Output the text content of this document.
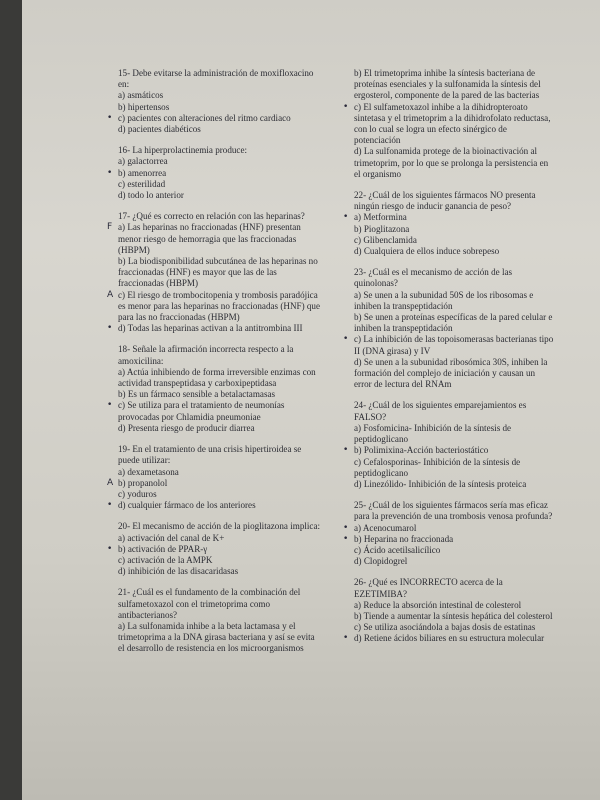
15- Debe evitarse la administración de moxifloxacino en:
a) asmáticos
b) hipertensos
• c) pacientes con alteraciones del ritmo cardiaco
d) pacientes diabéticos
16- La hiperprolactinemia produce:
a) galactorrea
• b) amenorrea
c) esterilidad
d) todo lo anterior
17- ¿Qué es correcto en relación con las heparinas?
F a) Las heparinas no fraccionadas (HNF) presentan menor riesgo de hemorragia que las fraccionadas (HBPM)
b) La biodisponibilidad subcutánea de las heparinas no fraccionadas (HNF) es mayor que las de las fraccionadas (HBPM)
A c) El riesgo de trombocitopenia y trombosis paradójica es menor para las heparinas no fraccionadas (HNF) que para las no fraccionadas (HBPM)
• d) Todas las heparinas activan a la antitrombina III
18- Señale la afirmación incorrecta respecto a la amoxicilina:
a) Actúa inhibiendo de forma irreversible enzimas con actividad transpeptidasa y carboxipeptidasa
b) Es un fármaco sensible a betalactamasas
• c) Se utiliza para el tratamiento de neumonías provocadas por Chlamidia pneumoniae
d) Presenta riesgo de producir diarrea
19- En el tratamiento de una crisis hipertiroidea se puede utilizar:
a) dexametasona
A b) propanolol
c) yoduros
• d) cualquier fármaco de los anteriores
20- El mecanismo de acción de la pioglitazona implica:
a) activación del canal de K+
• b) activación de PPAR-γ
c) activación de la AMPK
d) inhibición de las disacaridasas
21- ¿Cuál es el fundamento de la combinación del sulfametoxazol con el trimetoprima como antibacterianos?
a) La sulfonamida inhibe a la beta lactamasa y el trimetoprima a la DNA girasa bacteriana y así se evita el desarrollo de resistencia en los microorganismos
b) El trimetoprima inhibe la síntesis bacteriana de proteínas esenciales y la sulfonamida la síntesis del ergosterol, componente de la pared de las bacterias
• c) El sulfametoxazol inhibe a la dihidropteroato sintetasa y el trimetoprim a la dihidrofolato reductasa, con lo cual se logra un efecto sinérgico de potenciación
d) La sulfonamida protege de la bioinactivación al trimetoprim, por lo que se prolonga la persistencia en el organismo
22- ¿Cuál de los siguientes fármacos NO presenta ningún riesgo de inducir ganancia de peso?
• a) Metformina
b) Pioglitazona
c) Glibenclamida
d) Cualquiera de ellos induce sobrepeso
23- ¿Cuál es el mecanismo de acción de las quinolonas?
a) Se unen a la subunidad 50S de los ribosomas e inhiben la transpeptidación
b) Se unen a proteínas específicas de la pared celular e inhiben la transpeptidación
• c) La inhibición de las topoisomerasas bacterianas tipo II (DNA girasa) y IV
d) Se unen a la subunidad ribosómica 30S, inhiben la formación del complejo de iniciación y causan un error de lectura del RNAm
24- ¿Cuál de los siguientes emparejamientos es FALSO?
a) Fosfomicina- Inhibición de la síntesis de peptidoglicano
• b) Polimixina-Acción bacteriostático
c) Cefalosporinas- Inhibición de la síntesis de peptidoglicano
d) Linezólido- Inhibición de la síntesis proteica
25- ¿Cuál de los siguientes fármacos sería mas eficaz para la prevención de una trombosis venosa profunda?
• a) Acenocumarol
• b) Heparina no fraccionada
c) Ácido acetilsalicílico
d) Clopidogrel
26- ¿Qué es INCORRECTO acerca de la EZETIMIBA?
a) Reduce la absorción intestinal de colesterol
b) Tiende a aumentar la síntesis hepática del colesterol
c) Se utiliza asociándola a bajas dosis de estatinas
• d) Retiene ácidos biliares en su estructura molecular
